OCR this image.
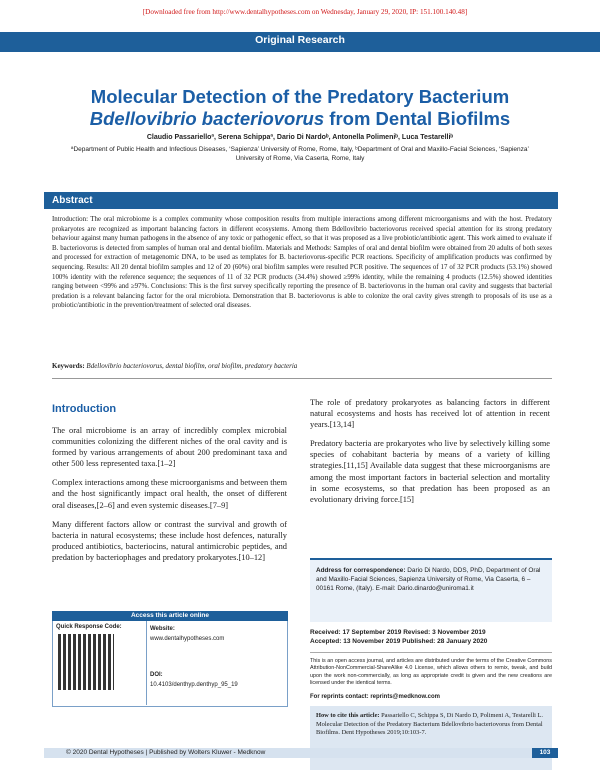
[Downloaded free from http://www.dentalhypotheses.com on Wednesday, January 29, 2020, IP: 151.100.140.48]
Original Research
Molecular Detection of the Predatory Bacterium Bdellovibrio bacteriovorus from Dental Biofilms
Claudio Passarielloª, Serena Schippaª, Dario Di Nardoᵇ, Antonella Polimeniᵇ, Luca Testarelliᵇ
ªDepartment of Public Health and Infectious Diseases, ‘Sapienza’ University of Rome, Rome, Italy, ᵇDepartment of Oral and Maxillo-Facial Sciences, ‘Sapienza’ University of Rome, Via Caserta, Rome, Italy
Abstract
Introduction: The oral microbiome is a complex community whose composition results from multiple interactions among different microorganisms and with the host. Predatory prokaryotes are recognized as important balancing factors in different ecosystems. Among them Bdellovibrio bacteriovorus received special attention for its strong predatory behaviour against many human pathogens in the absence of any toxic or pathogenic effect, so that it was proposed as a live probiotic/antibiotic agent. This work aimed to evaluate if B. bacteriovorus is detected from samples of human oral and dental biofilm. Materials and Methods: Samples of oral and dental biofilm were obtained from 20 adults of both sexes and processed for extraction of metagenomic DNA, to be used as templates for B. bacteriovorus-specific PCR reactions. Specificity of amplification products was confirmed by sequencing. Results: All 20 dental biofilm samples and 12 of 20 (60%) oral biofilm samples were resulted PCR positive. The sequences of 17 of 32 PCR products (53.1%) showed 100% identity with the reference sequence; the sequences of 11 of 32 PCR products (34.4%) showed ≥99% identity, while the remaining 4 products (12.5%) showed identities ranging between <99% and ≥97%. Conclusions: This is the first survey specifically reporting the presence of B. bacteriovorus in the human oral cavity and suggests that bacterial predation is a relevant balancing factor for the oral microbiota. Demonstration that B. bacteriovorus is able to colonize the oral cavity gives strength to proposals of its use as a probiotic/antibiotic in the prevention/treatment of selected oral diseases.
Keywords: Bdellovibrio bacteriovorus, dental biofilm, oral biofilm, predatory bacteria
Introduction

The oral microbiome is an array of incredibly complex microbial communities colonizing the different niches of the oral cavity and is formed by various arrangements of about 200 predominant taxa and other 500 less represented taxa.[1–2]

Complex interactions among these microorganisms and between them and the host significantly impact oral health, the onset of different oral diseases,[2–6] and even systemic diseases.[7–9]

Many different factors allow or contrast the survival and growth of bacteria in natural ecosystems; these include host defences, naturally produced antibiotics, bacteriocins, natural antimicrobic peptides, and predation by bacteriophages and predatory prokaryotes.[10–12]

The role of predatory prokaryotes as balancing factors in different natural ecosystems and hosts has received lot of attention in recent years.[13,14]

Predatory bacteria are prokaryotes who live by selectively killing some species of cohabitant bacteria by means of a variety of killing strategies.[11,15] Available data suggest that these microorganisms are among the most important factors in bacterial selection and mortality in some ecosystems, so that predation has been proposed as an evolutionary driving force.[15]

Address for correspondence: Dario Di Nardo, DDS, PhD, Department of Oral and Maxillo-Facial Sciences, Sapienza University of Rome, Via Caserta, 6 – 00161 Rome, (Italy). E-mail: Dario.dinardo@uniroma1.it
Received: 17 September 2019 Revised: 3 November 2019
Accepted: 13 November 2019 Published: 28 January 2020
This is an open access journal, and articles are distributed under the terms of the Creative Commons Attribution-NonCommercial-ShareAlike 4.0 License, which allows others to remix, tweak, and build upon the work non-commercially, as long as appropriate credit is given and the new creations are licensed under the identical terms.
For reprints contact: reprints@medknow.com
How to cite this article: Passariello C, Schippa S, Di Nardo D, Polimeni A, Testarelli L. Molecular Detection of the Predatory Bacterium Bdellovibrio bacteriovorus from Dental Biofilms. Dent Hypotheses 2019;10:103-7.
Access this article online
Quick Response Code:	Website:
www.dentalhypotheses.com
DOI:
10.4103/denthyp.denthyp_95_19
© 2020 Dental Hypotheses | Published by Wolters Kluwer - Medknow	103
